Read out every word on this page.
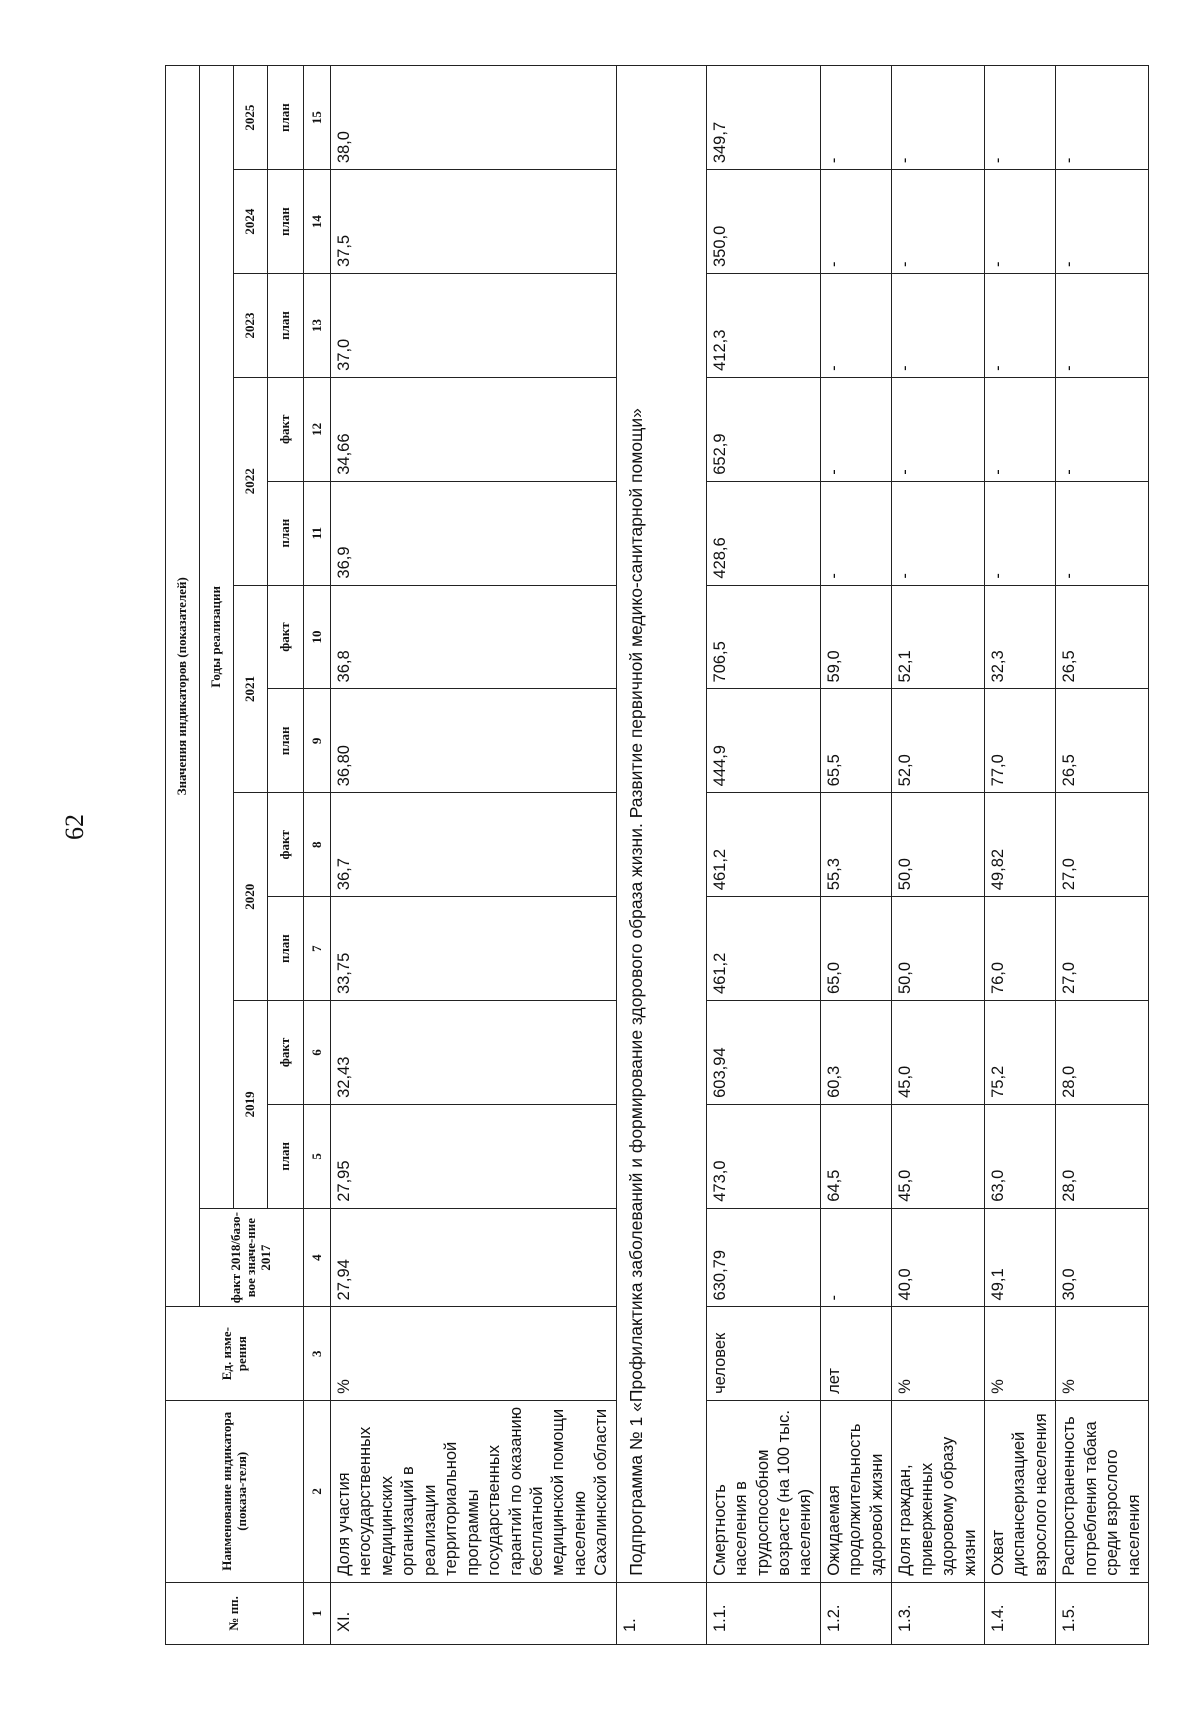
62
№ пп.	Наименование индикатора (показа-теля)	Ед. изме-рения	Значения индикаторов (показателей)											
			факт 2018/базо-вое значе-ние 2017	Годы реализации										
				2019		2020		2021		2022		2023	2024	2025
				план	факт	план	факт	план	факт	план	факт	план	план	план
1	2	3	4	5	6	7	8	9	10	11	12	13	14	15
XI.	Доля участия негосударственных медицинских организаций в реализации территориальной программы государственных гарантий по оказанию бесплатной медицинской помощи населению Сахалинской области	%	27,94	27,95	32,43	33,75	36,7	36,80	36,8	36,9	34,66	37,0	37,5	38,0
1.	Подпрограмма № 1 «Профилактика заболеваний и формирование здорового образа жизни. Развитие первичной медико-санитарной помощи»													
1.1.	Смертность населения в трудоспособном возрасте (на 100 тыс. населения)	человек	630,79	473,0	603,94	461,2	461,2	444,9	706,5	428,6	652,9	412,3	350,0	349,7
1.2.	Ожидаемая продолжительность здоровой жизни	лет	-	64,5	60,3	65,0	55,3	65,5	59,0	-	-	-	-	-
1.3.	Доля граждан, приверженных здоровому образу жизни	%	40,0	45,0	45,0	50,0	50,0	52,0	52,1	-	-	-	-	-
1.4.	Охват диспансеризацией взрослого населения	%	49,1	63,0	75,2	76,0	49,82	77,0	32,3	-	-	-	-	-
1.5.	Распространенность потребления табака среди взрослого населения	%	30,0	28,0	28,0	27,0	27,0	26,5	26,5	-	-	-	-	-
